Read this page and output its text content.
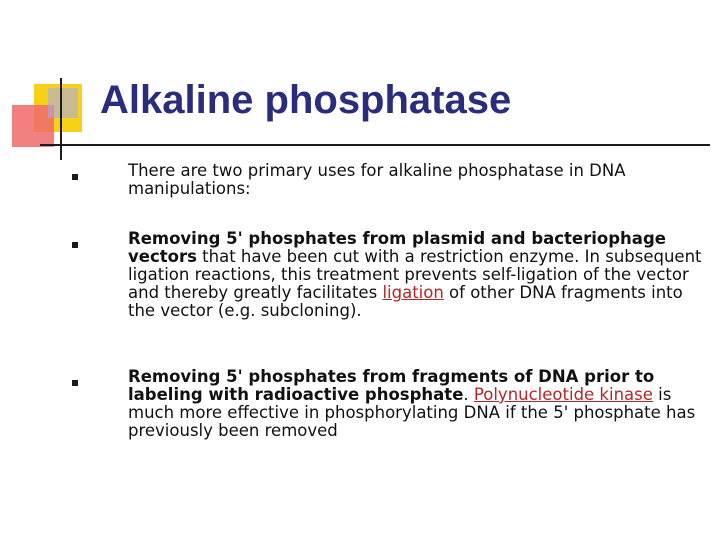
Alkaline phosphatase
There are two primary uses for alkaline phosphatase in DNA manipulations:
Removing 5' phosphates from plasmid and bacteriophage vectors that have been cut with a restriction enzyme. In subsequent ligation reactions, this treatment prevents self-ligation of the vector and thereby greatly facilitates ligation of other DNA fragments into the vector (e.g. subcloning).
Removing 5' phosphates from fragments of DNA prior to labeling with radioactive phosphate. Polynucleotide kinase is much more effective in phosphorylating DNA if the 5' phosphate has previously been removed
